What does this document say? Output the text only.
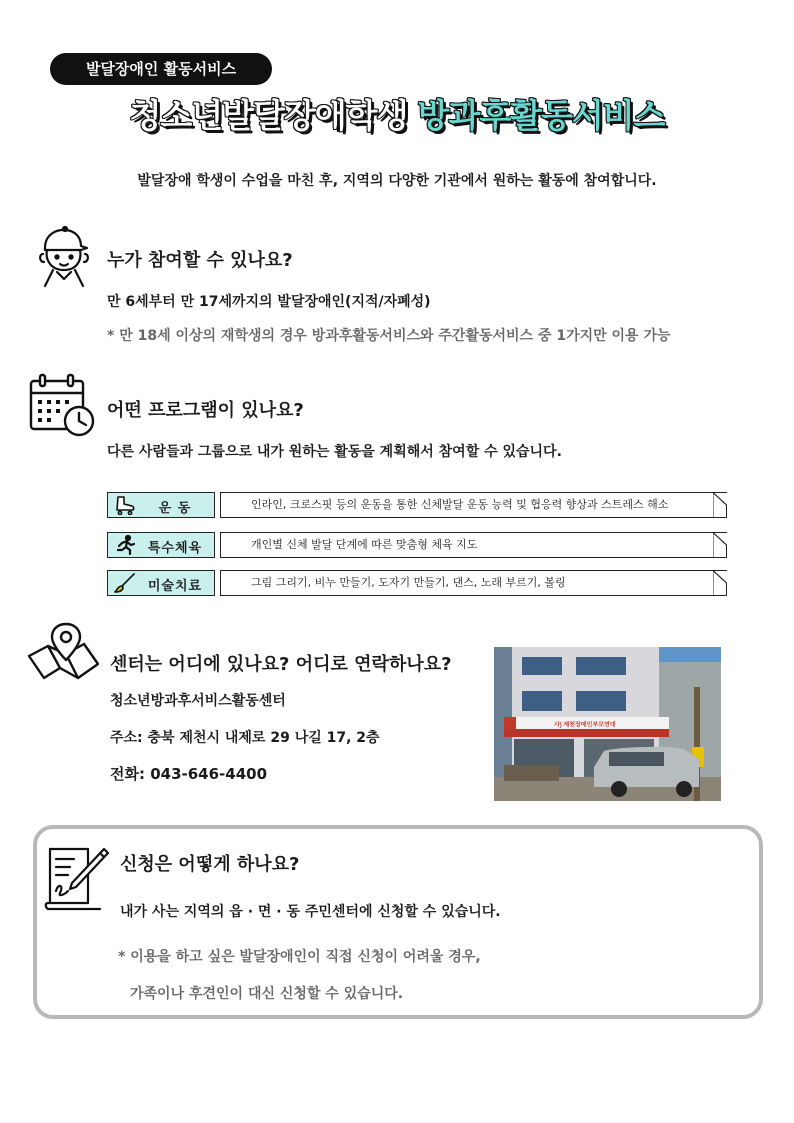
발달장애인 활동서비스
청소년발달장애학생 방과후활동서비스
발달장애 학생이 수업을 마친 후, 지역의 다양한 기관에서 원하는 활동에 참여합니다.
누가 참여할 수 있나요?
만 6세부터 만 17세까지의 발달장애인(지적/자폐성)
* 만 18세 이상의 재학생의 경우 방과후활동서비스와 주간활동서비스 중 1가지만 이용 가능
어떤 프로그램이 있나요?
다른 사람들과 그룹으로 내가 원하는 활동을 계획해서 참여할 수 있습니다.
운 동	인라인, 크로스핏 등의 운동을 통한 신체발달 운동 능력 및 협응력 향상과 스트레스 해소
특수체육	개인별 신체 발달 단계에 따른 맞춤형 체육 지도
미술치료	그림 그리기, 비누 만들기, 도자기 만들기, 댄스, 노래 부르기, 볼링
센터는 어디에 있나요? 어디로 연락하나요?
청소년방과후서비스활동센터
주소: 충북 제천시 내제로 29 나길 17, 2층
전화: 043-646-4400
사) 제천장애인부모연대
신청은 어떻게 하나요?
내가 사는 지역의 읍 · 면 · 동 주민센터에 신청할 수 있습니다.
* 이용을 하고 싶은 발달장애인이 직접 신청이 어려울 경우,
가족이나 후견인이 대신 신청할 수 있습니다.
